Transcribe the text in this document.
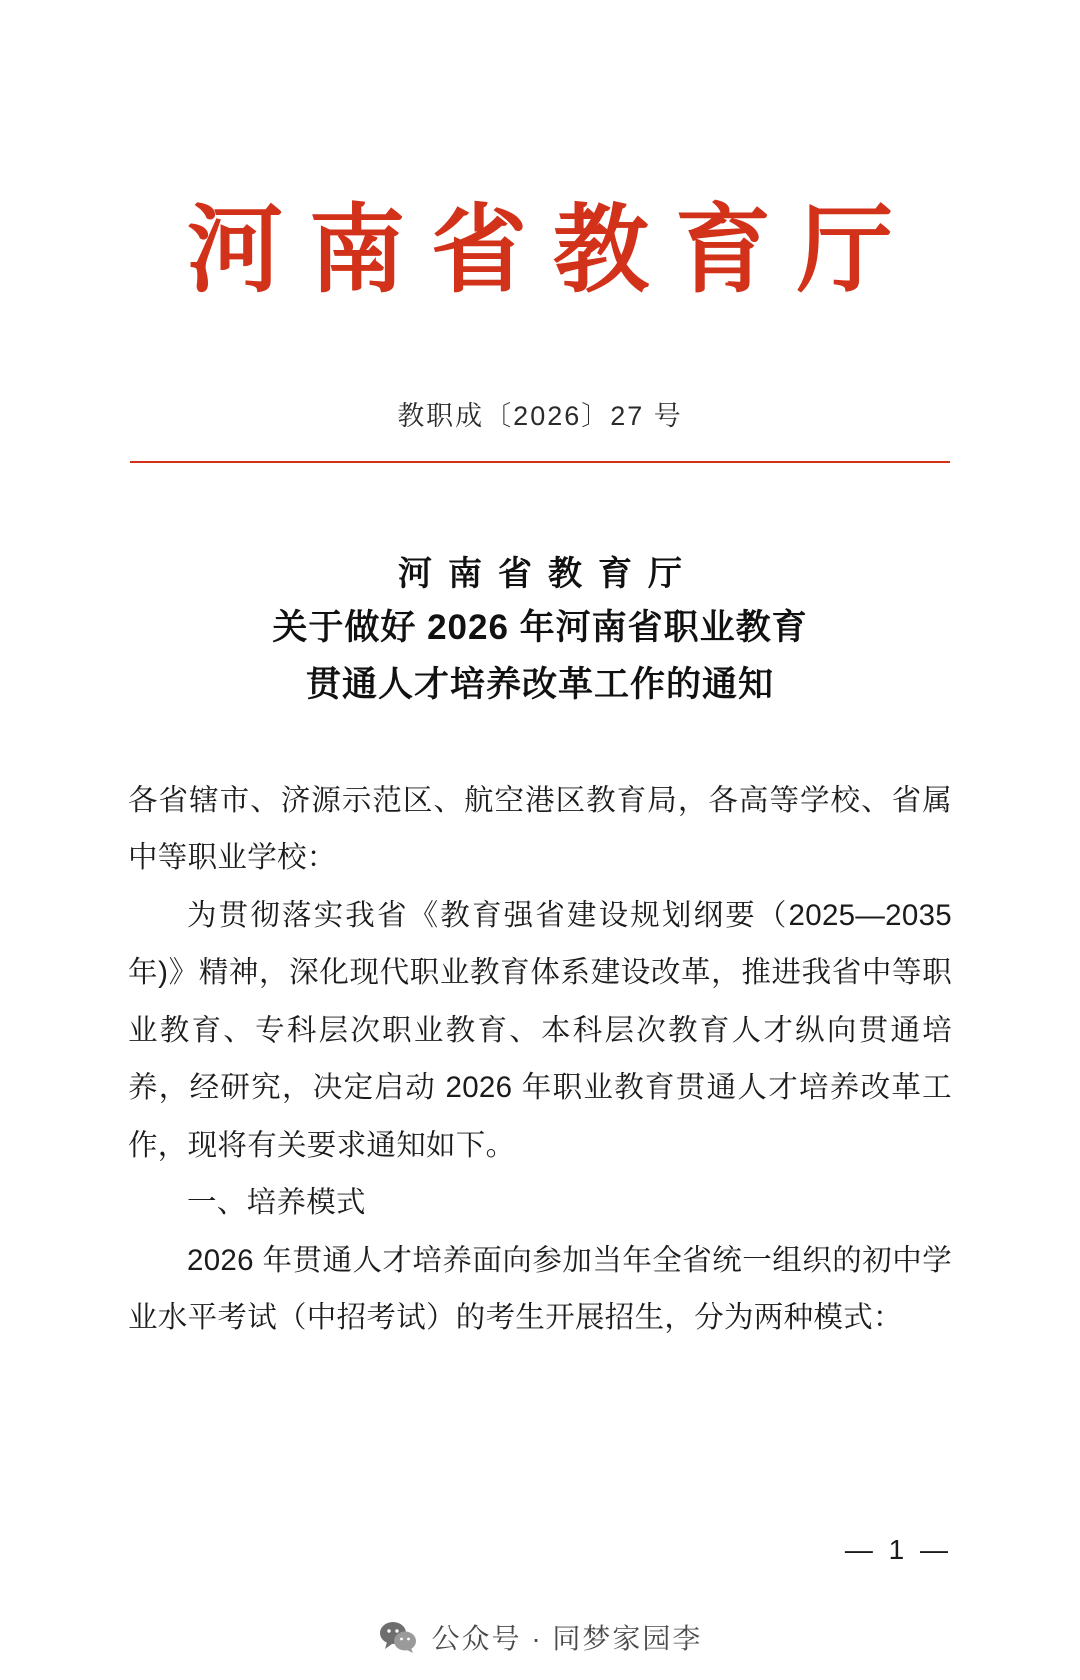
河南省教育厅
教职成〔2026〕27 号
河南省教育厅
关于做好 2026 年河南省职业教育
贯通人才培养改革工作的通知

各省辖市、济源示范区、航空港区教育局，各高等学校、省属中等职业学校：

为贯彻落实我省《教育强省建设规划纲要（2025—2035 年)》精神，深化现代职业教育体系建设改革，推进我省中等职业教育、专科层次职业教育、本科层次教育人才纵向贯通培养，经研究，决定启动 2026 年职业教育贯通人才培养改革工作，现将有关要求通知如下。

一、培养模式

2026 年贯通人才培养面向参加当年全省统一组织的初中学业水平考试（中招考试）的考生开展招生，分为两种模式：

— 1 —
公众号 · 同梦家园李
